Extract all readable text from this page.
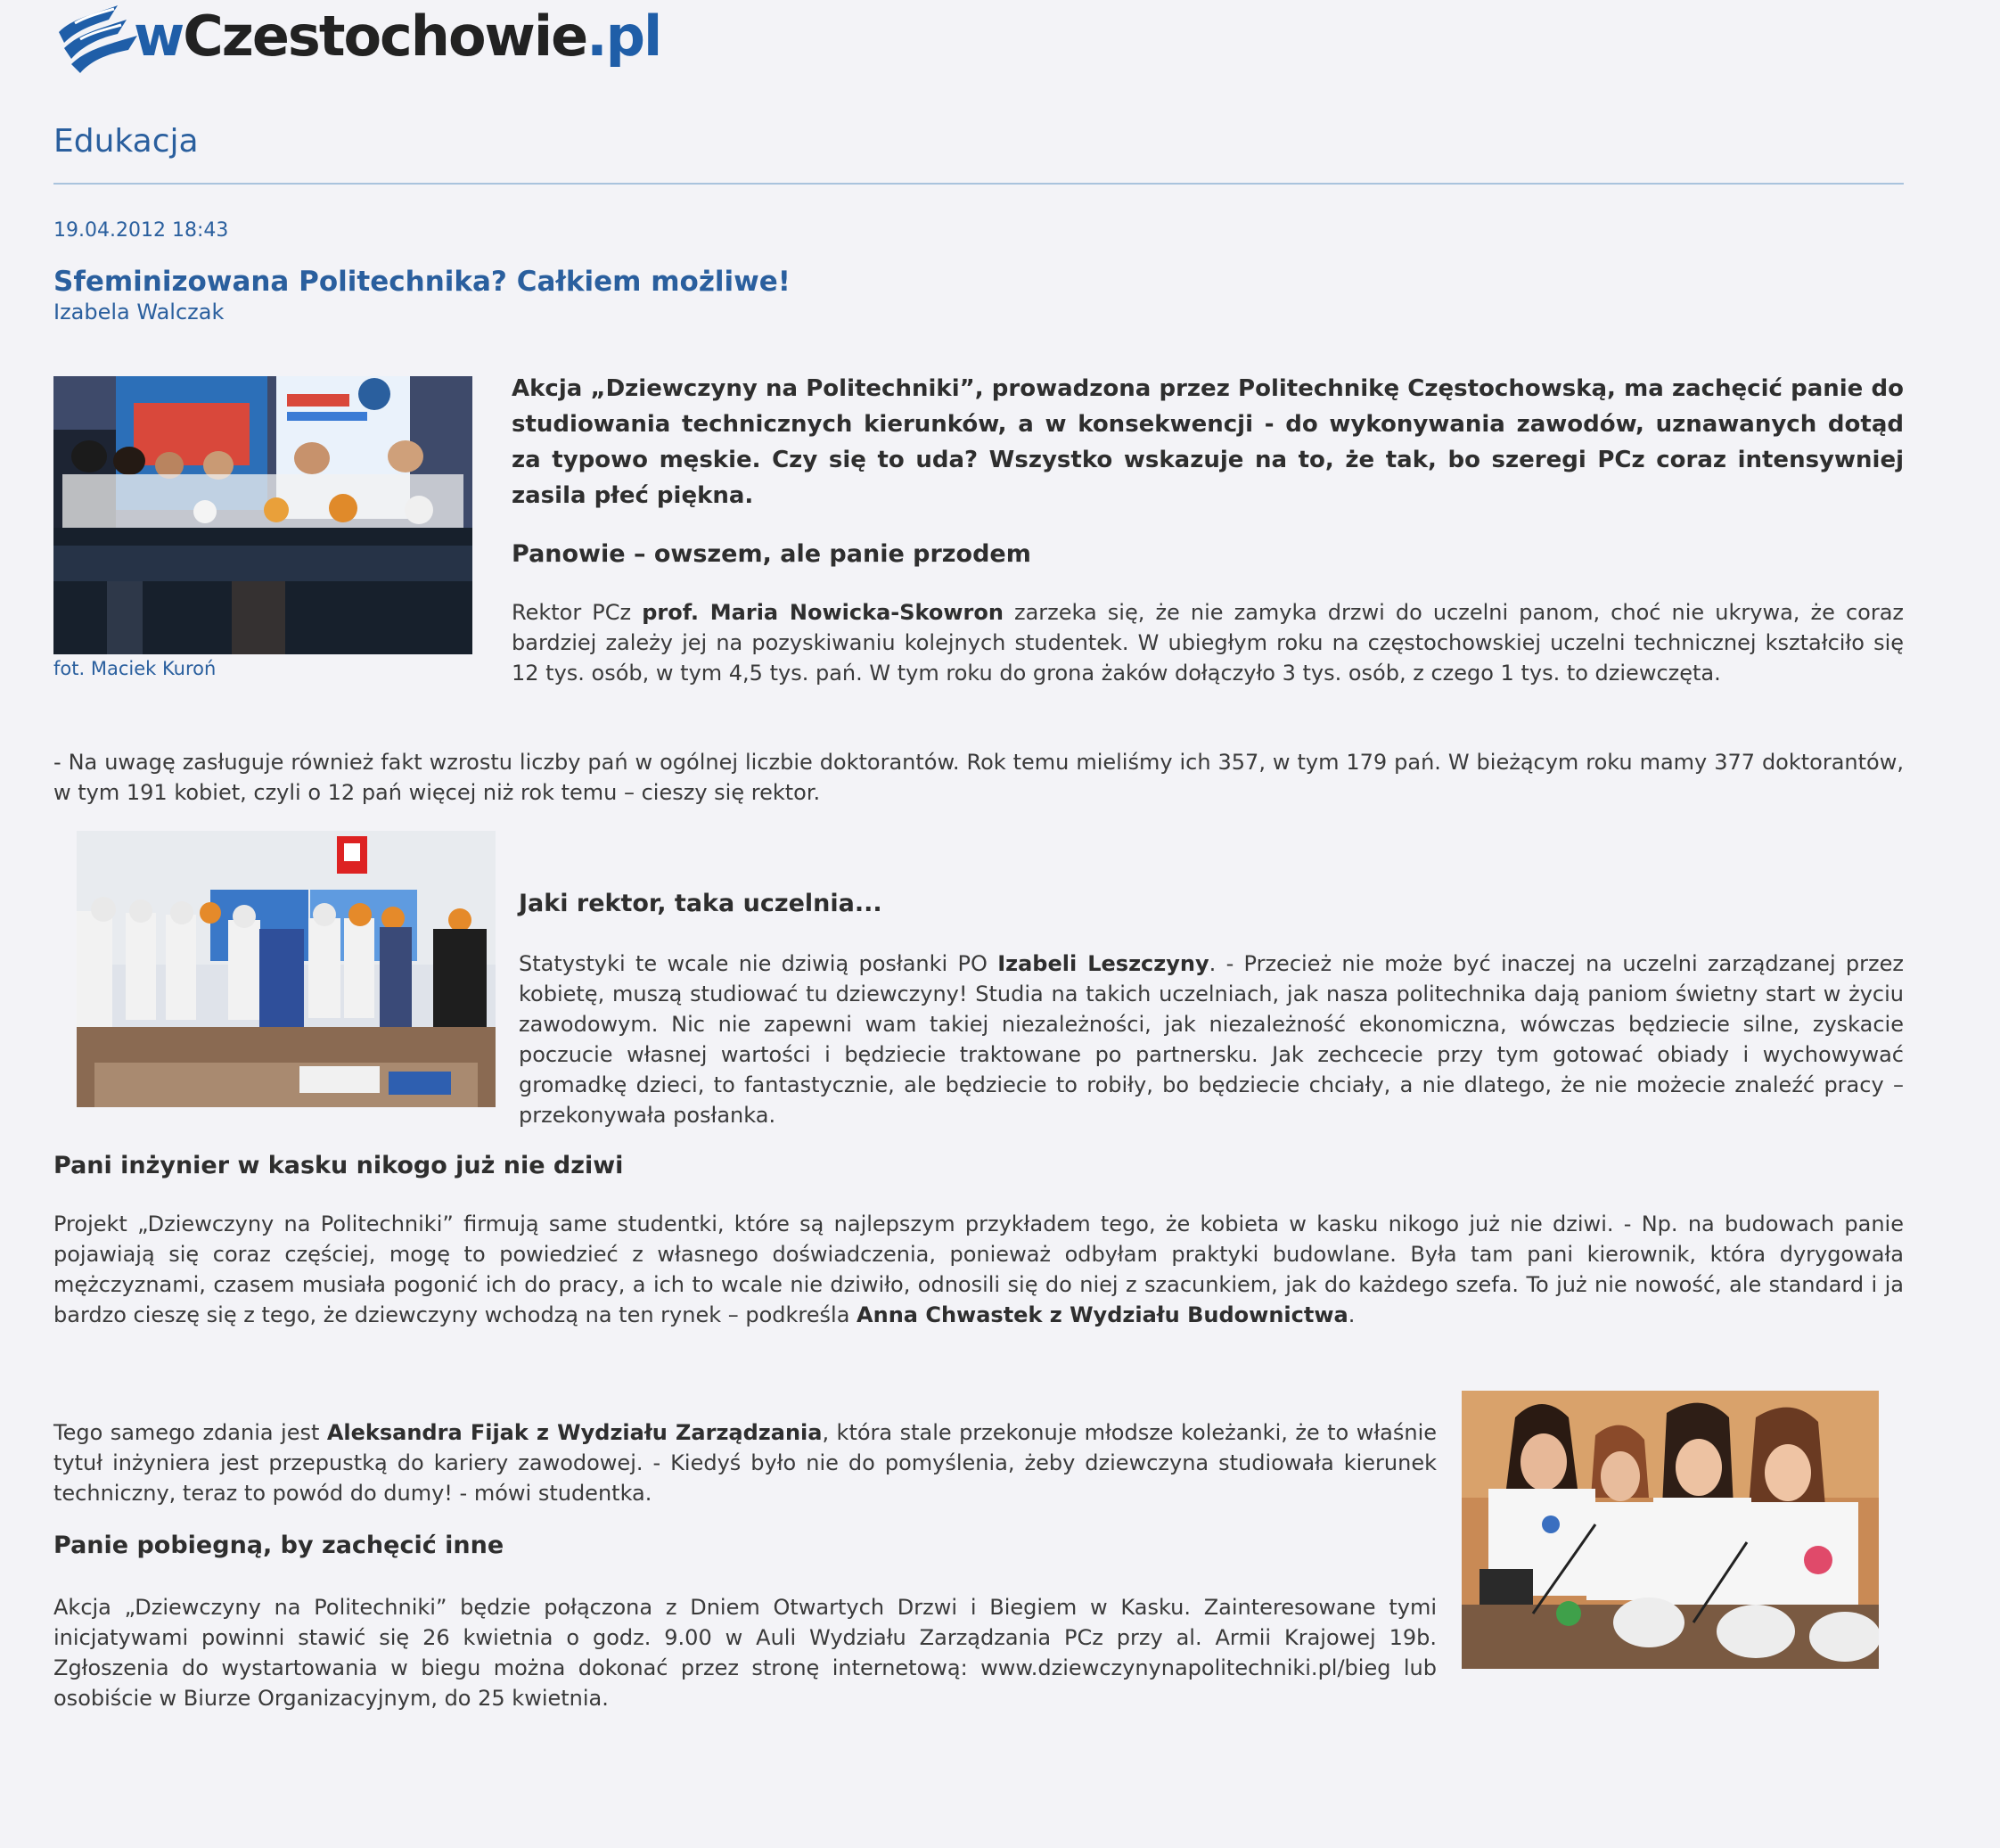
wCzestochowie.pl
Edukacja
19.04.2012 18:43
Sfeminizowana Politechnika? Całkiem możliwe!
Izabela Walczak
fot. Maciek Kuroń
Akcja „Dziewczyny na Politechniki”, prowadzona przez Politechnikę Częstochowską, ma zachęcić panie do studiowania technicznych kierunków, a w konsekwencji - do wykonywania zawodów, uznawanych dotąd za typowo męskie. Czy się to uda? Wszystko wskazuje na to, że tak, bo szeregi PCz coraz intensywniej zasila płeć piękna.
Panowie – owszem, ale panie przodem
Rektor PCz prof. Maria Nowicka-Skowron zarzeka się, że nie zamyka drzwi do uczelni panom, choć nie ukrywa, że coraz bardziej zależy jej na pozyskiwaniu kolejnych studentek. W ubiegłym roku na częstochowskiej uczelni technicznej kształciło się 12 tys. osób, w tym 4,5 tys. pań. W tym roku do grona żaków dołączyło 3 tys. osób, z czego 1 tys. to dziewczęta.
- Na uwagę zasługuje również fakt wzrostu liczby pań w ogólnej liczbie doktorantów. Rok temu mieliśmy ich 357, w tym 179 pań. W bieżącym roku mamy 377 doktorantów, w tym 191 kobiet, czyli o 12 pań więcej niż rok temu – cieszy się rektor.
Jaki rektor, taka uczelnia...
Statystyki te wcale nie dziwią posłanki PO Izabeli Leszczyny. - Przecież nie może być inaczej na uczelni zarządzanej przez kobietę, muszą studiować tu dziewczyny! Studia na takich uczelniach, jak nasza politechnika dają paniom świetny start w życiu zawodowym. Nic nie zapewni wam takiej niezależności, jak niezależność ekonomiczna, wówczas będziecie silne, zyskacie poczucie własnej wartości i będziecie traktowane po partnersku. Jak zechcecie przy tym gotować obiady i wychowywać gromadkę dzieci, to fantastycznie, ale będziecie to robiły, bo będziecie chciały, a nie dlatego, że nie możecie znaleźć pracy – przekonywała posłanka.
Pani inżynier w kasku nikogo już nie dziwi
Projekt „Dziewczyny na Politechniki” firmują same studentki, które są najlepszym przykładem tego, że kobieta w kasku nikogo już nie dziwi. - Np. na budowach panie pojawiają się coraz częściej, mogę to powiedzieć z własnego doświadczenia, ponieważ odbyłam praktyki budowlane. Była tam pani kierownik, która dyrygowała mężczyznami, czasem musiała pogonić ich do pracy, a ich to wcale nie dziwiło, odnosili się do niej z szacunkiem, jak do każdego szefa. To już nie nowość, ale standard i ja bardzo cieszę się z tego, że dziewczyny wchodzą na ten rynek – podkreśla Anna Chwastek z Wydziału Budownictwa.
Tego samego zdania jest Aleksandra Fijak z Wydziału Zarządzania, która stale przekonuje młodsze koleżanki, że to właśnie tytuł inżyniera jest przepustką do kariery zawodowej. - Kiedyś było nie do pomyślenia, żeby dziewczyna studiowała kierunek techniczny, teraz to powód do dumy! - mówi studentka.
Panie pobiegną, by zachęcić inne
Akcja „Dziewczyny na Politechniki” będzie połączona z Dniem Otwartych Drzwi i Biegiem w Kasku. Zainteresowane tymi inicjatywami powinni stawić się 26 kwietnia o godz. 9.00 w Auli Wydziału Zarządzania PCz przy al. Armii Krajowej 19b. Zgłoszenia do wystartowania w biegu można dokonać przez stronę internetową: www.dziewczynynapolitechniki.pl/bieg lub osobiście w Biurze Organizacyjnym, do 25 kwietnia.
